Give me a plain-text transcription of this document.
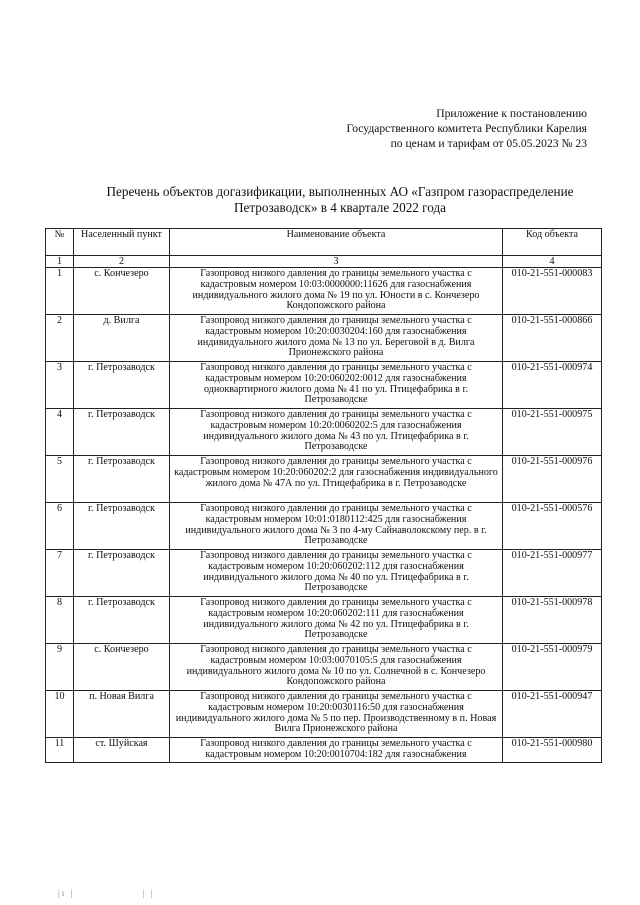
Приложение к постановлению
Государственного комитета Республики Карелия
по ценам и тарифам от 05.05.2023 № 23
Перечень объектов догазификации, выполненных АО «Газпром газораспределение
Петрозаводск» в 4 квартале 2022 года
№	Населенный пункт	Наименование объекта	Код объекта
1	2	3	4
1	с. Кончезеро	Газопровод низкого давления до границы земельного участка с кадастровым номером 10:03:0000000:11626 для газоснабжения индивидуального жилого дома № 19 по ул. Юности в с. Кончезеро Кондопожского района	010-21-551-000083
2	д. Вилга	Газопровод низкого давления до границы земельного участка с кадастровым номером 10:20:0030204:160 для газоснабжения индивидуального жилого дома № 13 по ул. Береговой в д. Вилга Прионежского района	010-21-551-000866
3	г. Петрозаводск	Газопровод низкого давления до границы земельного участка с кадастровым номером 10:20:060202:0012 для газоснабжения одноквартирного жилого дома № 41 по ул. Птицефабрика в г. Петрозаводске	010-21-551-000974
4	г. Петрозаводск	Газопровод низкого давления до границы земельного участка с кадастровым номером 10:20:0060202:5 для газоснабжения индивидуального жилого дома № 43 по ул. Птицефабрика в г. Петрозаводске	010-21-551-000975
5	г. Петрозаводск	Газопровод низкого давления до границы земельного участка с кадастровым номером 10:20:060202:2 для газоснабжения индивидуального жилого дома № 47А по ул. Птицефабрика в г. Петрозаводске	010-21-551-000976
6	г. Петрозаводск	Газопровод низкого давления до границы земельного участка с кадастровым номером 10:01:0180112:425 для газоснабжения индивидуального жилого дома № 3 по 4-му Сайнаволокскому пер. в г. Петрозаводске	010-21-551-000576
7	г. Петрозаводск	Газопровод низкого давления до границы земельного участка с кадастровым номером 10:20:060202:112 для газоснабжения индивидуального жилого дома № 40 по ул. Птицефабрика в г. Петрозаводске	010-21-551-000977
8	г. Петрозаводск	Газопровод низкого давления до границы земельного участка с кадастровым номером 10:20:060202:111 для газоснабжения индивидуального жилого дома № 42 по ул. Птицефабрика в г. Петрозаводске	010-21-551-000978
9	с. Кончезеро	Газопровод низкого давления до границы земельного участка с кадастровым номером 10:03:0070105:5 для газоснабжения индивидуального жилого дома № 10 по ул. Солнечной в с. Кончезеро Кондопожского района	010-21-551-000979
10	п. Новая Вилга	Газопровод низкого давления до границы земельного участка с кадастровым номером 10:20:0030116:50 для газоснабжения индивидуального жилого дома № 5 по пер. Производственному в п. Новая Вилга Прионежского района	010-21-551-000947
11	ст. Шуйская	Газопровод низкого давления до границы земельного участка с кадастровым номером 10:20:0010704:182 для газоснабжения	010-21-551-000980
|ı |	| |
